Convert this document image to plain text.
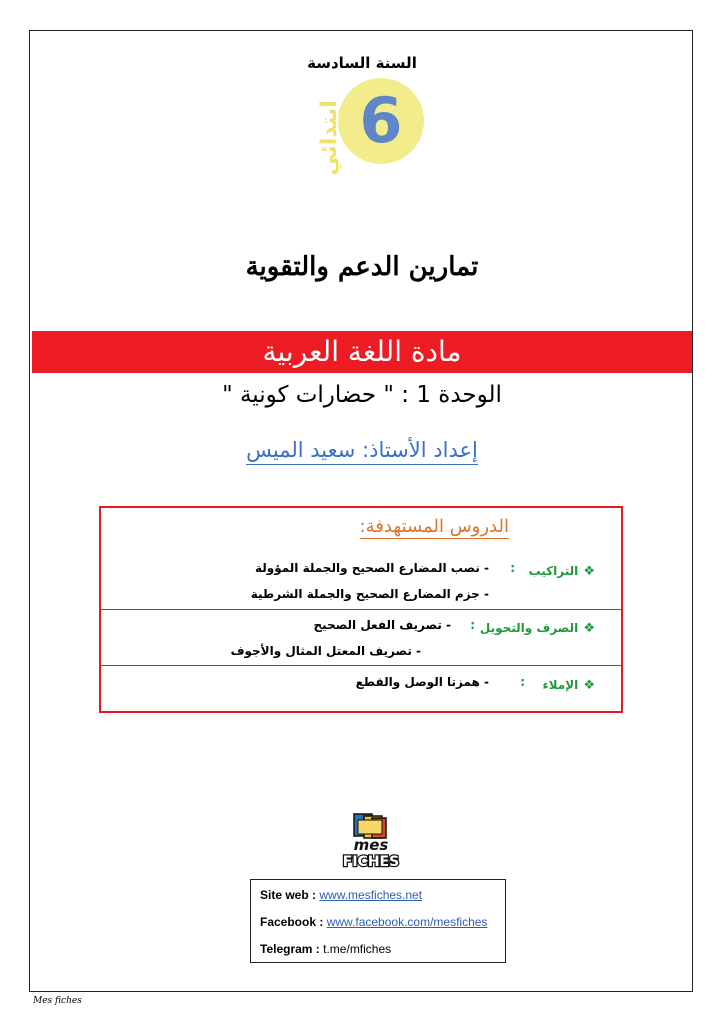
السنة السادسة
6
ابتدائي
تمارين الدعم والتقوية
مادة اللغة العربية
الوحدة 1 : " حضارات كونية "
إعداد الأستاذ: سعيد الميس
الدروس المستهدفة:
❖ التراكيب
:
- نصب المضارع الصحيح والجملة المؤولة
- جزم المضارع الصحيح والجملة الشرطية
❖ الصرف والتحويل
:
- تصريف الفعل الصحيح
- تصريف المعتل المثال والأجوف
❖ الإملاء
:
- همزتا الوصل والقطع
mes
FICHES
Site web : www.mesfiches.net
Facebook : www.facebook.com/mesfiches
Telegram : t.me/mfiches
Mes fiches
